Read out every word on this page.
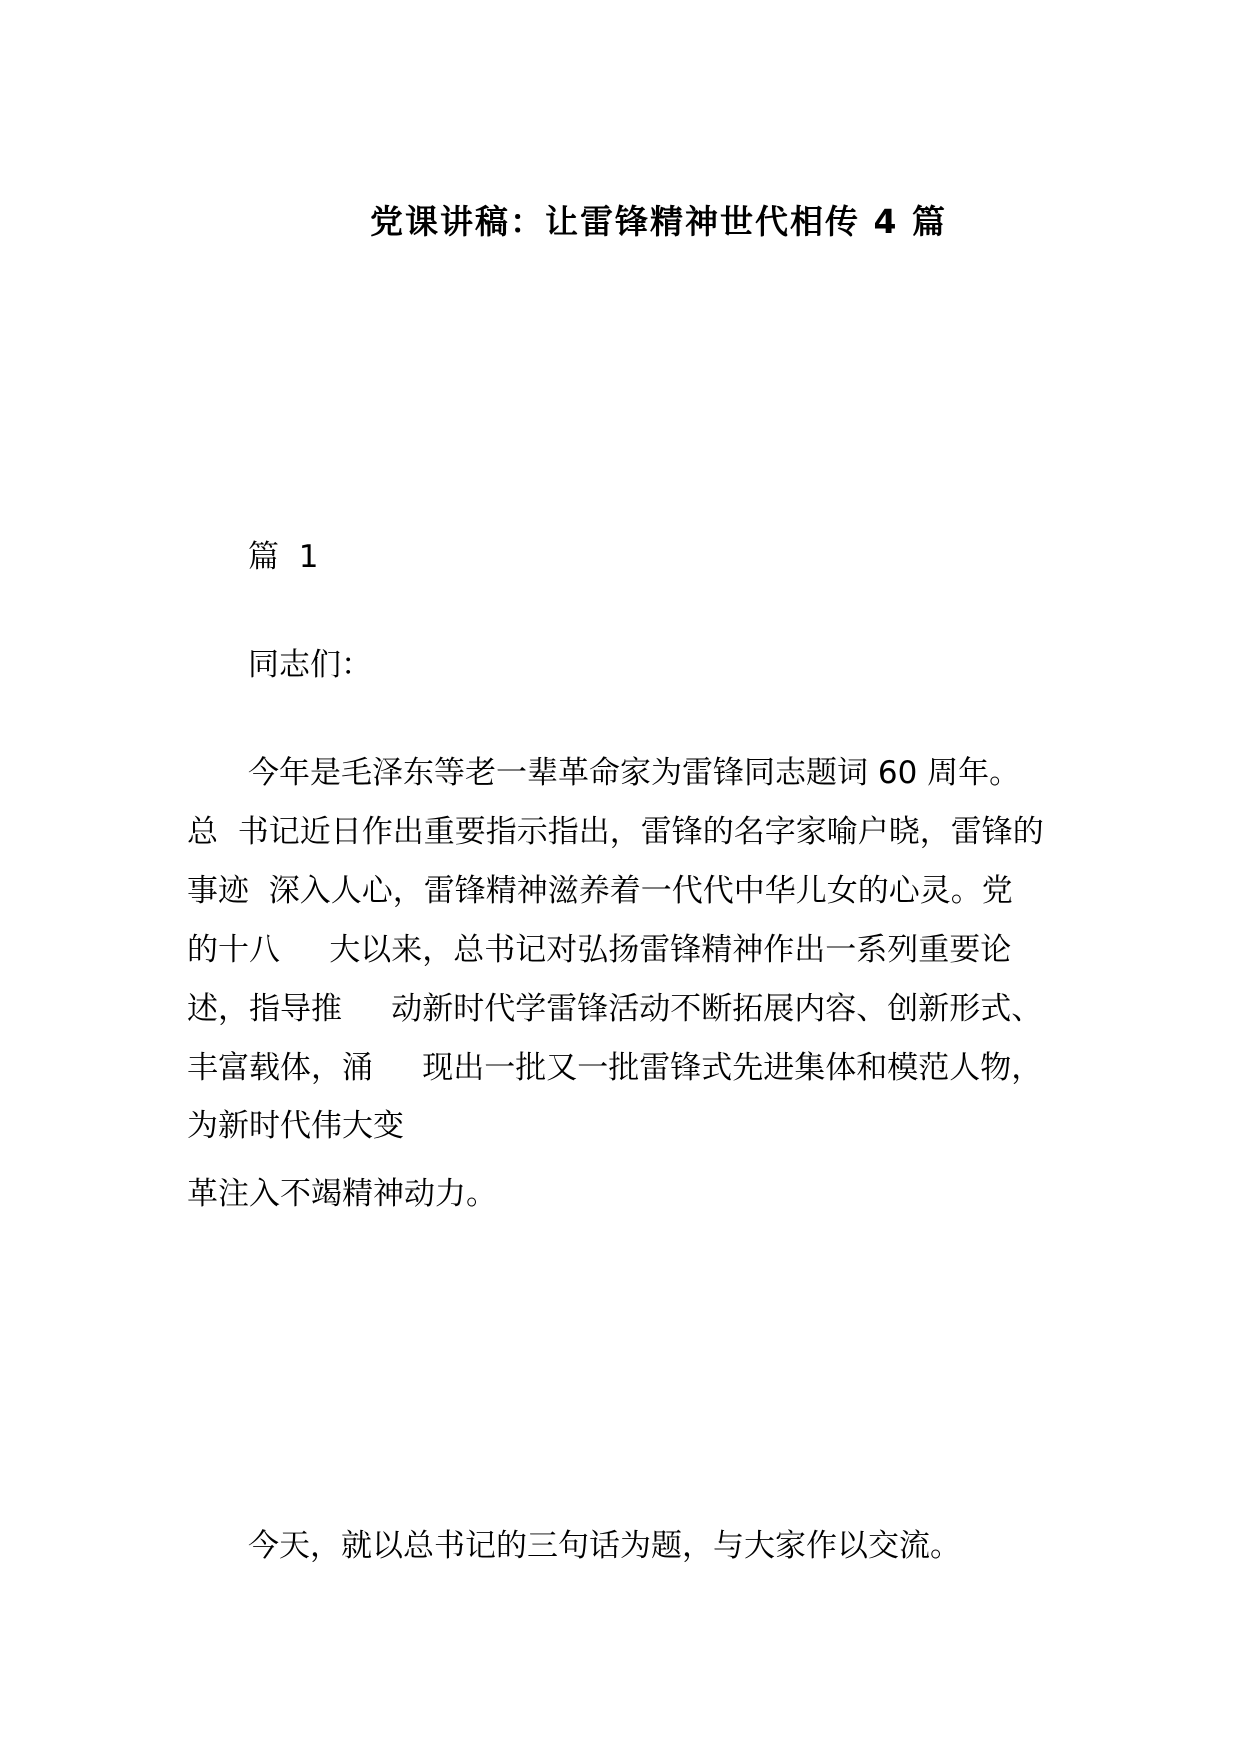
党课讲稿：让雷锋精神世代相传 4 篇
篇  1
同志们：
今年是毛泽东等老一辈革命家为雷锋同志题词 60 周年。
总  书记近日作出重要指示指出，雷锋的名字家喻户晓，雷锋的
事迹  深入人心，雷锋精神滋养着一代代中华儿女的心灵。党
的十八     大以来，总书记对弘扬雷锋精神作出一系列重要论
述，指导推     动新时代学雷锋活动不断拓展内容、创新形式、
丰富载体，涌     现出一批又一批雷锋式先进集体和模范人物，
为新时代伟大变
革注入不竭精神动力。
今天，就以总书记的三句话为题，与大家作以交流。
